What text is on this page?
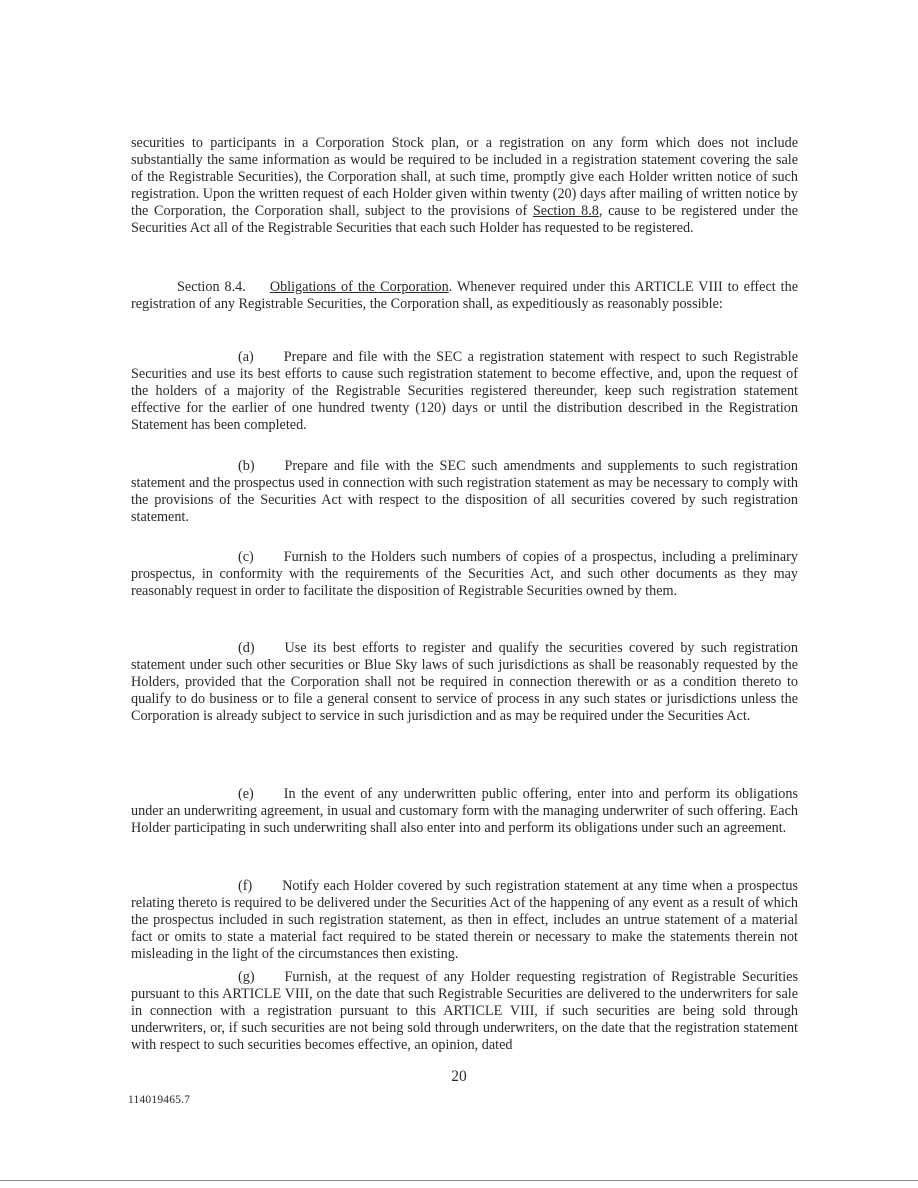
securities to participants in a Corporation Stock plan, or a registration on any form which does not include substantially the same information as would be required to be included in a registration statement covering the sale of the Registrable Securities), the Corporation shall, at such time, promptly give each Holder written notice of such registration. Upon the written request of each Holder given within twenty (20) days after mailing of written notice by the Corporation, the Corporation shall, subject to the provisions of Section 8.8, cause to be registered under the Securities Act all of the Registrable Securities that each such Holder has requested to be registered.

Section 8.4. Obligations of the Corporation. Whenever required under this ARTICLE VIII to effect the registration of any Registrable Securities, the Corporation shall, as expeditiously as reasonably possible:

(a) Prepare and file with the SEC a registration statement with respect to such Registrable Securities and use its best efforts to cause such registration statement to become effective, and, upon the request of the holders of a majority of the Registrable Securities registered thereunder, keep such registration statement effective for the earlier of one hundred twenty (120) days or until the distribution described in the Registration Statement has been completed.

(b) Prepare and file with the SEC such amendments and supplements to such registration statement and the prospectus used in connection with such registration statement as may be necessary to comply with the provisions of the Securities Act with respect to the disposition of all securities covered by such registration statement.

(c) Furnish to the Holders such numbers of copies of a prospectus, including a preliminary prospectus, in conformity with the requirements of the Securities Act, and such other documents as they may reasonably request in order to facilitate the disposition of Registrable Securities owned by them.

(d) Use its best efforts to register and qualify the securities covered by such registration statement under such other securities or Blue Sky laws of such jurisdictions as shall be reasonably requested by the Holders, provided that the Corporation shall not be required in connection therewith or as a condition thereto to qualify to do business or to file a general consent to service of process in any such states or jurisdictions unless the Corporation is already subject to service in such jurisdiction and as may be required under the Securities Act.

(e) In the event of any underwritten public offering, enter into and perform its obligations under an underwriting agreement, in usual and customary form with the managing underwriter of such offering. Each Holder participating in such underwriting shall also enter into and perform its obligations under such an agreement.

(f) Notify each Holder covered by such registration statement at any time when a prospectus relating thereto is required to be delivered under the Securities Act of the happening of any event as a result of which the prospectus included in such registration statement, as then in effect, includes an untrue statement of a material fact or omits to state a material fact required to be stated therein or necessary to make the statements therein not misleading in the light of the circumstances then existing.

(g) Furnish, at the request of any Holder requesting registration of Registrable Securities pursuant to this ARTICLE VIII, on the date that such Registrable Securities are delivered to the underwriters for sale in connection with a registration pursuant to this ARTICLE VIII, if such securities are being sold through underwriters, or, if such securities are not being sold through underwriters, on the date that the registration statement with respect to such securities becomes effective, an opinion, dated

20
114019465.7
